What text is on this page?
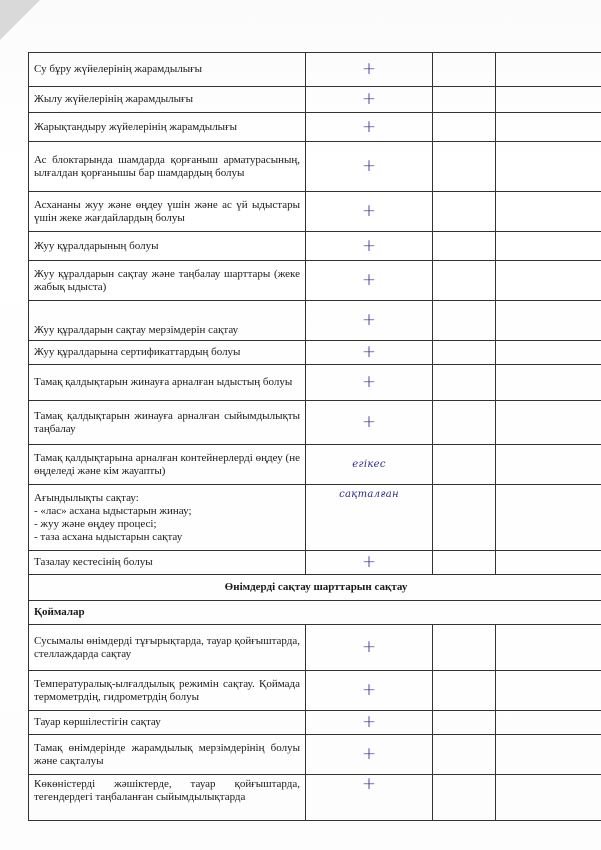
Су бұру жүйелерінің жарамдылығы	+		
Жылу жүйелерінің жарамдылығы	+		
Жарықтандыру жүйелерінің жарамдылығы	+		
Ас блоктарында шамдарда қорғаныш арматурасының, ылғалдан қорғанышы бар шамдардың болуы	+		
Асхананы жуу және өңдеу үшін және ас үй ыдыстары үшін жеке жағдайлардың болуы	+		
Жуу құралдарының болуы	+		
Жуу құралдарын сақтау және таңбалау шарттары (жеке жабық ыдыста)	+		
Жуу құралдарын сақтау мерзімдерін сақтау	+		
Жуу құралдарына сертификаттардың болуы	+		
Тамақ қалдықтарын жинауға арналған ыдыстың болуы	+		
Тамақ қалдықтарын жинауға арналған сыйымдылықты таңбалау	+		
Тамақ қалдықтарына арналған контейнерлерді өңдеу (не өңделеді және кім жауапты)	егікес		
Ағындылықты сақтау:
- «лас» асхана ыдыстарын жинау;
- жуу және өңдеу процесі;
- таза асхана ыдыстарын сақтау	сақталған		
Тазалау кестесінің болуы	+		
Өнімдерді сақтау шарттарын сақтау			
Қоймалар			
Сусымалы өнімдерді тұғырықтарда, тауар қойғыштарда, стеллаждарда сақтау	+		
Температуралық-ылғалдылық режимін сақтау. Қоймада термометрдің, гидрометрдің болуы	+		
Тауар көршілестігін сақтау	+		
Тамақ өнімдерінде жарамдылық мерзімдерінің болуы және сақталуы	+		
Көкөністерді жәшіктерде, тауар қойғыштарда, тегендердегі таңбаланған сыйымдылықтарда	+		
